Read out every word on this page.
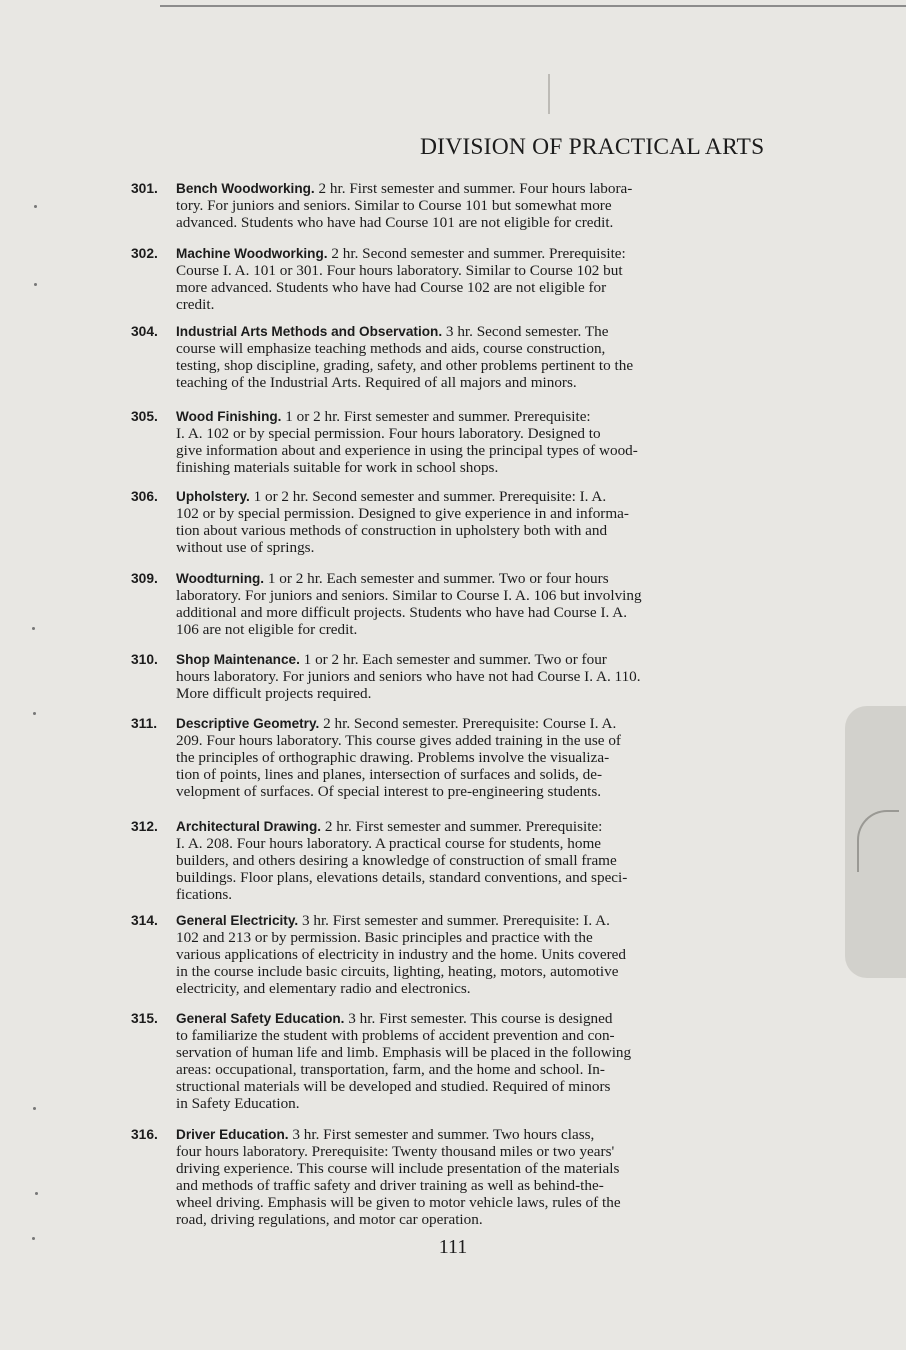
DIVISION OF PRACTICAL ARTS
301. Bench Woodworking. 2 hr. First semester and summer. Four hours labora-
tory. For juniors and seniors. Similar to Course 101 but somewhat more
advanced. Students who have had Course 101 are not eligible for credit.
302. Machine Woodworking. 2 hr. Second semester and summer. Prerequisite:
Course I. A. 101 or 301. Four hours laboratory. Similar to Course 102 but
more advanced. Students who have had Course 102 are not eligible for
credit.
304. Industrial Arts Methods and Observation. 3 hr. Second semester. The
course will emphasize teaching methods and aids, course construction,
testing, shop discipline, grading, safety, and other problems pertinent to the
teaching of the Industrial Arts. Required of all majors and minors.
305. Wood Finishing. 1 or 2 hr. First semester and summer. Prerequisite:
I. A. 102 or by special permission. Four hours laboratory. Designed to
give information about and experience in using the principal types of wood-
finishing materials suitable for work in school shops.
306. Upholstery. 1 or 2 hr. Second semester and summer. Prerequisite: I. A.
102 or by special permission. Designed to give experience in and informa-
tion about various methods of construction in upholstery both with and
without use of springs.
309. Woodturning. 1 or 2 hr. Each semester and summer. Two or four hours
laboratory. For juniors and seniors. Similar to Course I. A. 106 but involving
additional and more difficult projects. Students who have had Course I. A.
106 are not eligible for credit.
310. Shop Maintenance. 1 or 2 hr. Each semester and summer. Two or four
hours laboratory. For juniors and seniors who have not had Course I. A. 110.
More difficult projects required.
311. Descriptive Geometry. 2 hr. Second semester. Prerequisite: Course I. A.
209. Four hours laboratory. This course gives added training in the use of
the principles of orthographic drawing. Problems involve the visualiza-
tion of points, lines and planes, intersection of surfaces and solids, de-
velopment of surfaces. Of special interest to pre-engineering students.
312. Architectural Drawing. 2 hr. First semester and summer. Prerequisite:
I. A. 208. Four hours laboratory. A practical course for students, home
builders, and others desiring a knowledge of construction of small frame
buildings. Floor plans, elevations details, standard conventions, and speci-
fications.
314. General Electricity. 3 hr. First semester and summer. Prerequisite: I. A.
102 and 213 or by permission. Basic principles and practice with the
various applications of electricity in industry and the home. Units covered
in the course include basic circuits, lighting, heating, motors, automotive
electricity, and elementary radio and electronics.
315. General Safety Education. 3 hr. First semester. This course is designed
to familiarize the student with problems of accident prevention and con-
servation of human life and limb. Emphasis will be placed in the following
areas: occupational, transportation, farm, and the home and school. In-
structional materials will be developed and studied. Required of minors
in Safety Education.
316. Driver Education. 3 hr. First semester and summer. Two hours class,
four hours laboratory. Prerequisite: Twenty thousand miles or two years'
driving experience. This course will include presentation of the materials
and methods of traffic safety and driver training as well as behind-the-
wheel driving. Emphasis will be given to motor vehicle laws, rules of the
road, driving regulations, and motor car operation.
111
